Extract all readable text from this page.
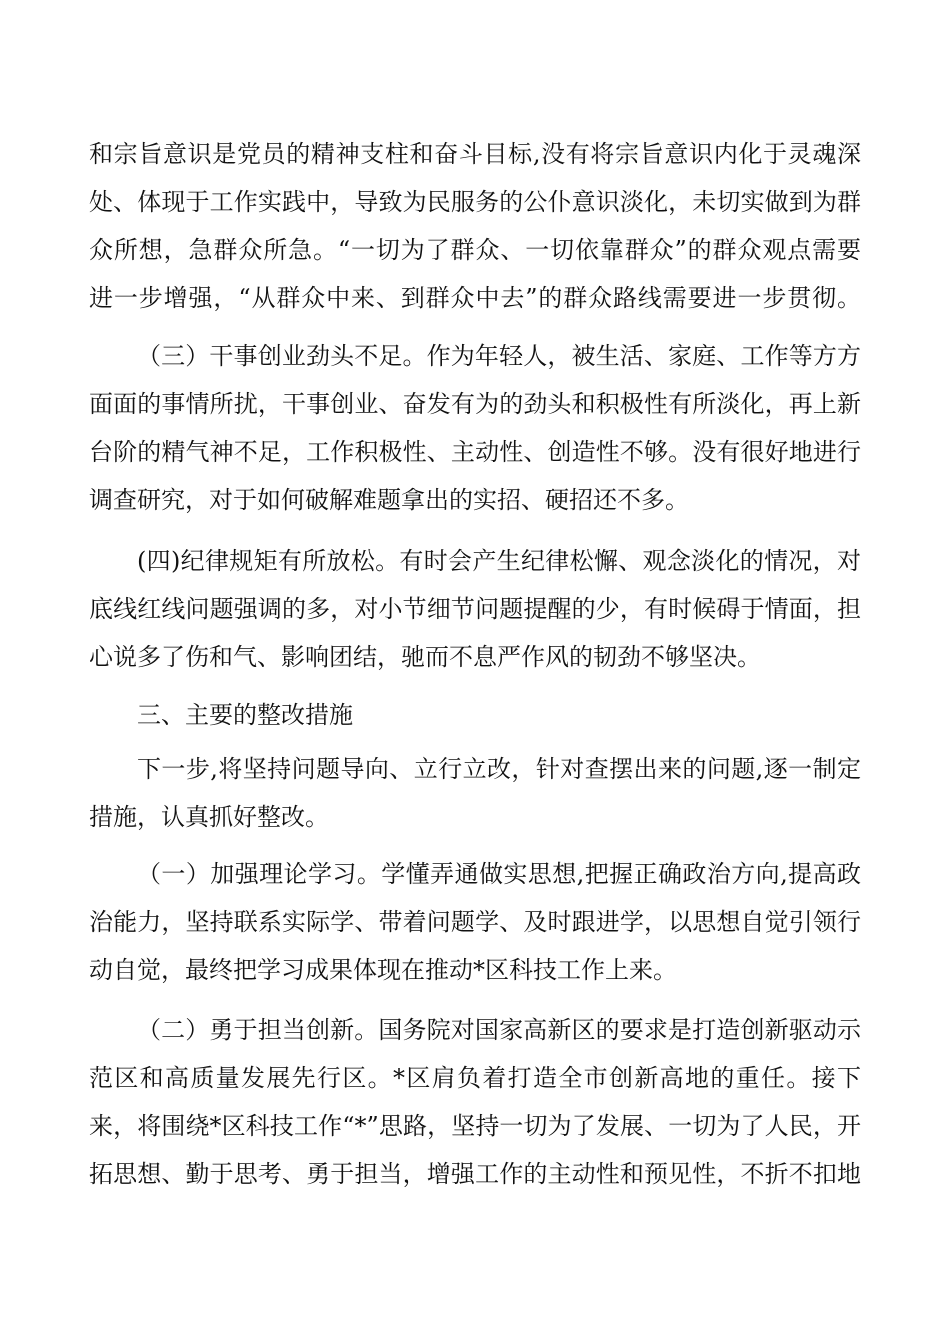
和宗旨意识是党员的精神支柱和奋斗目标,没有将宗旨意识内化于灵魂深
处、体现于工作实践中，导致为民服务的公仆意识淡化，未切实做到为群
众所想，急群众所急。“一切为了群众、一切依靠群众”的群众观点需要
进一步增强，“从群众中来、到群众中去”的群众路线需要进一步贯彻。
（三）干事创业劲头不足。作为年轻人，被生活、家庭、工作等方方
面面的事情所扰，干事创业、奋发有为的劲头和积极性有所淡化，再上新
台阶的精气神不足，工作积极性、主动性、创造性不够。没有很好地进行
调查研究，对于如何破解难题拿出的实招、硬招还不多。
(四)纪律规矩有所放松。有时会产生纪律松懈、观念淡化的情况，对
底线红线问题强调的多，对小节细节问题提醒的少，有时候碍于情面，担
心说多了伤和气、影响团结，驰而不息严作风的韧劲不够坚决。
三、主要的整改措施
下一步,将坚持问题导向、立行立改，针对查摆出来的问题,逐一制定
措施，认真抓好整改。
（一）加强理论学习。学懂弄通做实思想,把握正确政治方向,提高政
治能力，坚持联系实际学、带着问题学、及时跟进学，以思想自觉引领行
动自觉，最终把学习成果体现在推动*区科技工作上来。
（二）勇于担当创新。国务院对国家高新区的要求是打造创新驱动示
范区和高质量发展先行区。*区肩负着打造全市创新高地的重任。接下
来，将围绕*区科技工作“*”思路，坚持一切为了发展、一切为了人民，开
拓思想、勤于思考、勇于担当，增强工作的主动性和预见性，不折不扣地
